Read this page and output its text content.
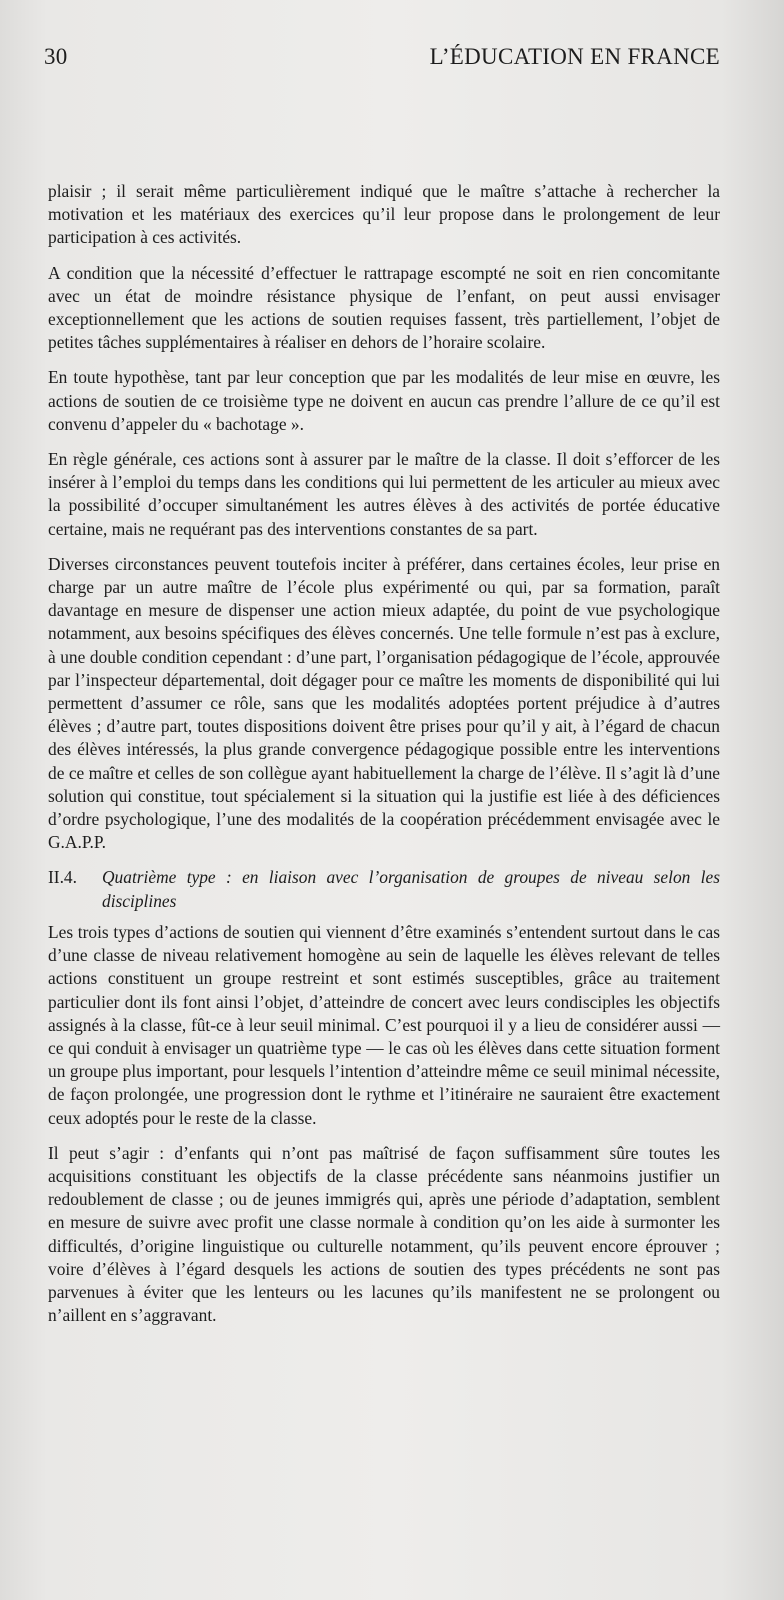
30	L’ÉDUCATION EN FRANCE

plaisir ; il serait même particulièrement indiqué que le maître s’attache à rechercher la motivation et les matériaux des exercices qu’il leur propose dans le prolongement de leur participation à ces activités.

A condition que la nécessité d’effectuer le rattrapage escompté ne soit en rien concomitante avec un état de moindre résistance physique de l’enfant, on peut aussi envisager exceptionnellement que les actions de soutien requises fassent, très partiellement, l’objet de petites tâches supplémentaires à réaliser en dehors de l’horaire scolaire.

En toute hypothèse, tant par leur conception que par les modalités de leur mise en œuvre, les actions de soutien de ce troisième type ne doivent en aucun cas prendre l’allure de ce qu’il est convenu d’appeler du « bachotage ».

En règle générale, ces actions sont à assurer par le maître de la classe. Il doit s’efforcer de les insérer à l’emploi du temps dans les conditions qui lui permettent de les articuler au mieux avec la possibilité d’occuper simultanément les autres élèves à des activités de portée éducative certaine, mais ne requérant pas des interventions constantes de sa part.

Diverses circonstances peuvent toutefois inciter à préférer, dans certaines écoles, leur prise en charge par un autre maître de l’école plus expérimenté ou qui, par sa formation, paraît davantage en mesure de dispenser une action mieux adaptée, du point de vue psychologique notamment, aux besoins spécifiques des élèves concernés. Une telle formule n’est pas à exclure, à une double condition cependant : d’une part, l’organisation pédagogique de l’école, approuvée par l’inspecteur départemental, doit dégager pour ce maître les moments de disponibilité qui lui permettent d’assumer ce rôle, sans que les modalités adoptées portent préjudice à d’autres élèves ; d’autre part, toutes dispositions doivent être prises pour qu’il y ait, à l’égard de chacun des élèves intéressés, la plus grande convergence pédagogique possible entre les interventions de ce maître et celles de son collègue ayant habituellement la charge de l’élève. Il s’agit là d’une solution qui constitue, tout spécialement si la situation qui la justifie est liée à des déficiences d’ordre psychologique, l’une des modalités de la coopération précédemment envisagée avec le G.A.P.P.

II.4.	Quatrième type : en liaison avec l’organisation de groupes de niveau selon les disciplines

Les trois types d’actions de soutien qui viennent d’être examinés s’entendent surtout dans le cas d’une classe de niveau relativement homogène au sein de laquelle les élèves relevant de telles actions constituent un groupe restreint et sont estimés susceptibles, grâce au traitement particulier dont ils font ainsi l’objet, d’atteindre de concert avec leurs condisciples les objectifs assignés à la classe, fût-ce à leur seuil minimal. C’est pourquoi il y a lieu de considérer aussi — ce qui conduit à envisager un quatrième type — le cas où les élèves dans cette situation forment un groupe plus important, pour lesquels l’intention d’atteindre même ce seuil minimal nécessite, de façon prolongée, une progression dont le rythme et l’itinéraire ne sauraient être exactement ceux adoptés pour le reste de la classe.

Il peut s’agir : d’enfants qui n’ont pas maîtrisé de façon suffisamment sûre toutes les acquisitions constituant les objectifs de la classe précédente sans néanmoins justifier un redoublement de classe ; ou de jeunes immigrés qui, après une période d’adaptation, semblent en mesure de suivre avec profit une classe normale à condition qu’on les aide à surmonter les difficultés, d’origine linguistique ou culturelle notamment, qu’ils peuvent encore éprouver ; voire d’élèves à l’égard desquels les actions de soutien des types précédents ne sont pas parvenues à éviter que les lenteurs ou les lacunes qu’ils manifestent ne se prolongent ou n’aillent en s’aggravant.
